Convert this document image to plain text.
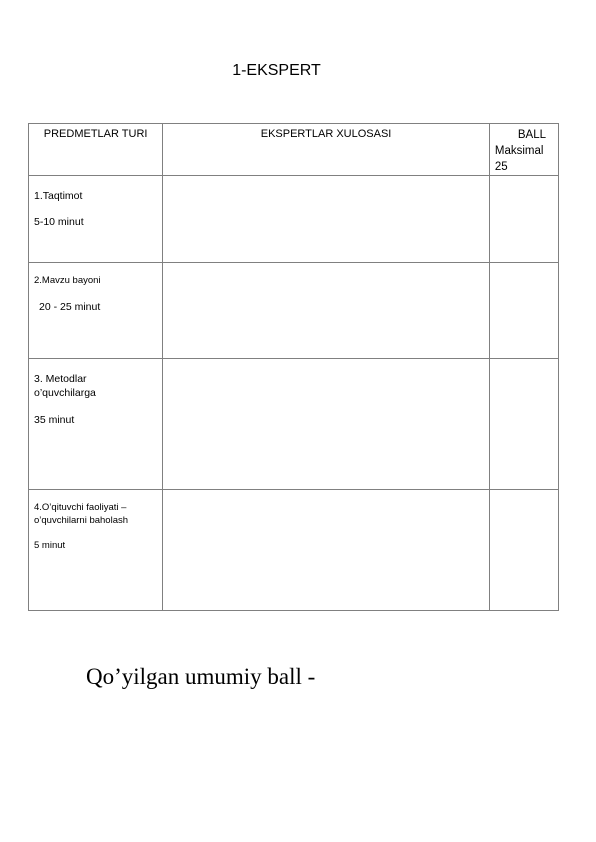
1-EKSPERT
PREDMETLAR TURI	EKSPERTLAR XULOSASI	BALL
Maksimal
25

1.Taqtimot
5-10 minut		

2.Mavzu bayoni
20 - 25 minut		

3. Metodlar
o’quvchilarga
35 minut		

4.O’qituvchi faoliyati –
o’quvchilarni baholash
5 minut		

Qo’yilgan umumiy ball -
